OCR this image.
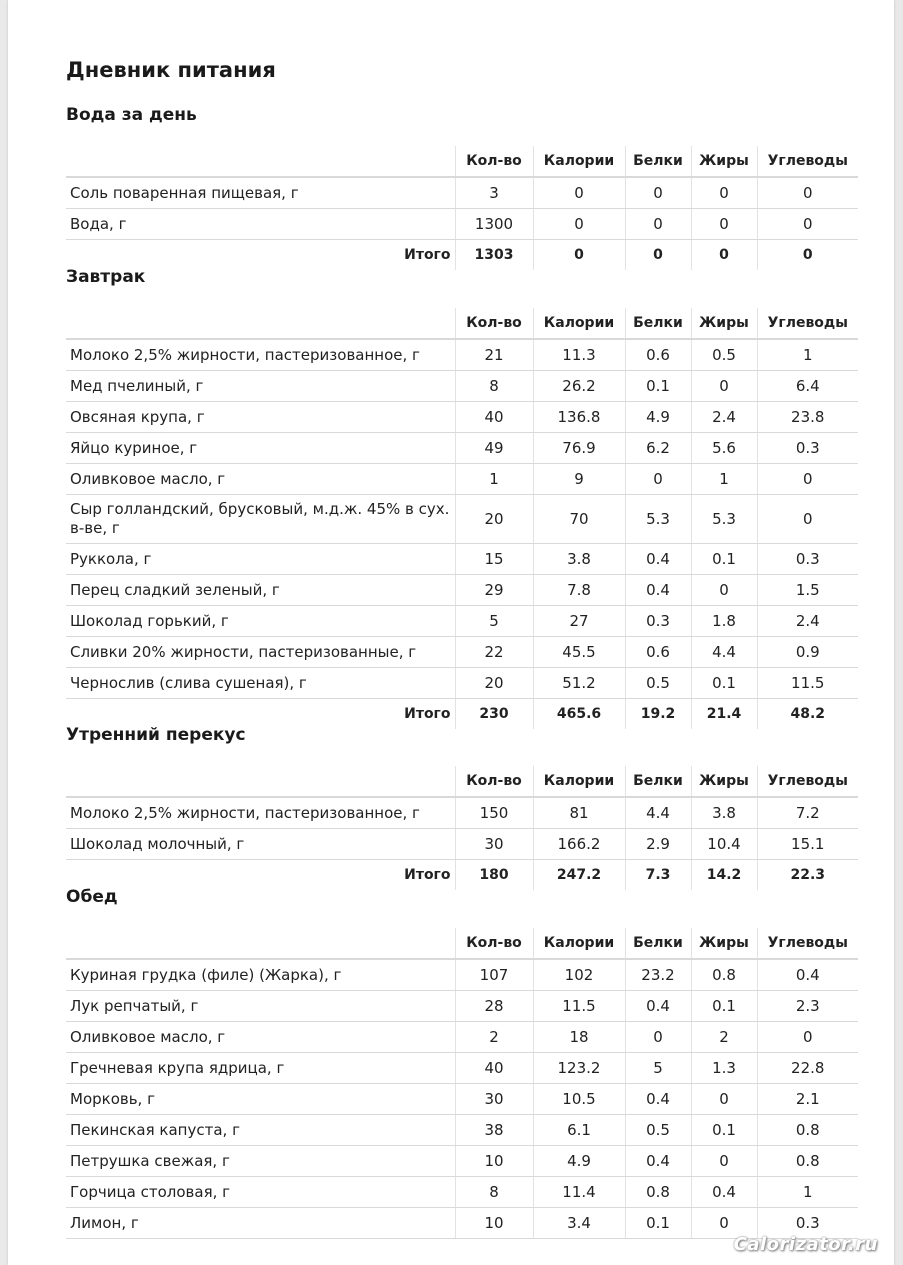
Дневник питания
Вода за день
	Кол-во	Калории	Белки	Жиры	Углеводы
Соль поваренная пищевая, г	3	0	0	0	0
Вода, г	1300	0	0	0	0
Итого	1303	0	0	0	0
Завтрак
	Кол-во	Калории	Белки	Жиры	Углеводы
Молоко 2,5% жирности, пастеризованное, г	21	11.3	0.6	0.5	1
Мед пчелиный, г	8	26.2	0.1	0	6.4
Овсяная крупа, г	40	136.8	4.9	2.4	23.8
Яйцо куриное, г	49	76.9	6.2	5.6	0.3
Оливковое масло, г	1	9	0	1	0
Сыр голландский, брусковый, м.д.ж. 45% в сух. в-ве, г	20	70	5.3	5.3	0
Руккола, г	15	3.8	0.4	0.1	0.3
Перец сладкий зеленый, г	29	7.8	0.4	0	1.5
Шоколад горький, г	5	27	0.3	1.8	2.4
Сливки 20% жирности, пастеризованные, г	22	45.5	0.6	4.4	0.9
Чернослив (слива сушеная), г	20	51.2	0.5	0.1	11.5
Итого	230	465.6	19.2	21.4	48.2
Утренний перекус
	Кол-во	Калории	Белки	Жиры	Углеводы
Молоко 2,5% жирности, пастеризованное, г	150	81	4.4	3.8	7.2
Шоколад молочный, г	30	166.2	2.9	10.4	15.1
Итого	180	247.2	7.3	14.2	22.3
Обед
	Кол-во	Калории	Белки	Жиры	Углеводы
Куриная грудка (филе) (Жарка), г	107	102	23.2	0.8	0.4
Лук репчатый, г	28	11.5	0.4	0.1	2.3
Оливковое масло, г	2	18	0	2	0
Гречневая крупа ядрица, г	40	123.2	5	1.3	22.8
Морковь, г	30	10.5	0.4	0	2.1
Пекинская капуста, г	38	6.1	0.5	0.1	0.8
Петрушка свежая, г	10	4.9	0.4	0	0.8
Горчица столовая, г	8	11.4	0.8	0.4	1
Лимон, г	10	3.4	0.1	0	0.3
Calorizator.ru
